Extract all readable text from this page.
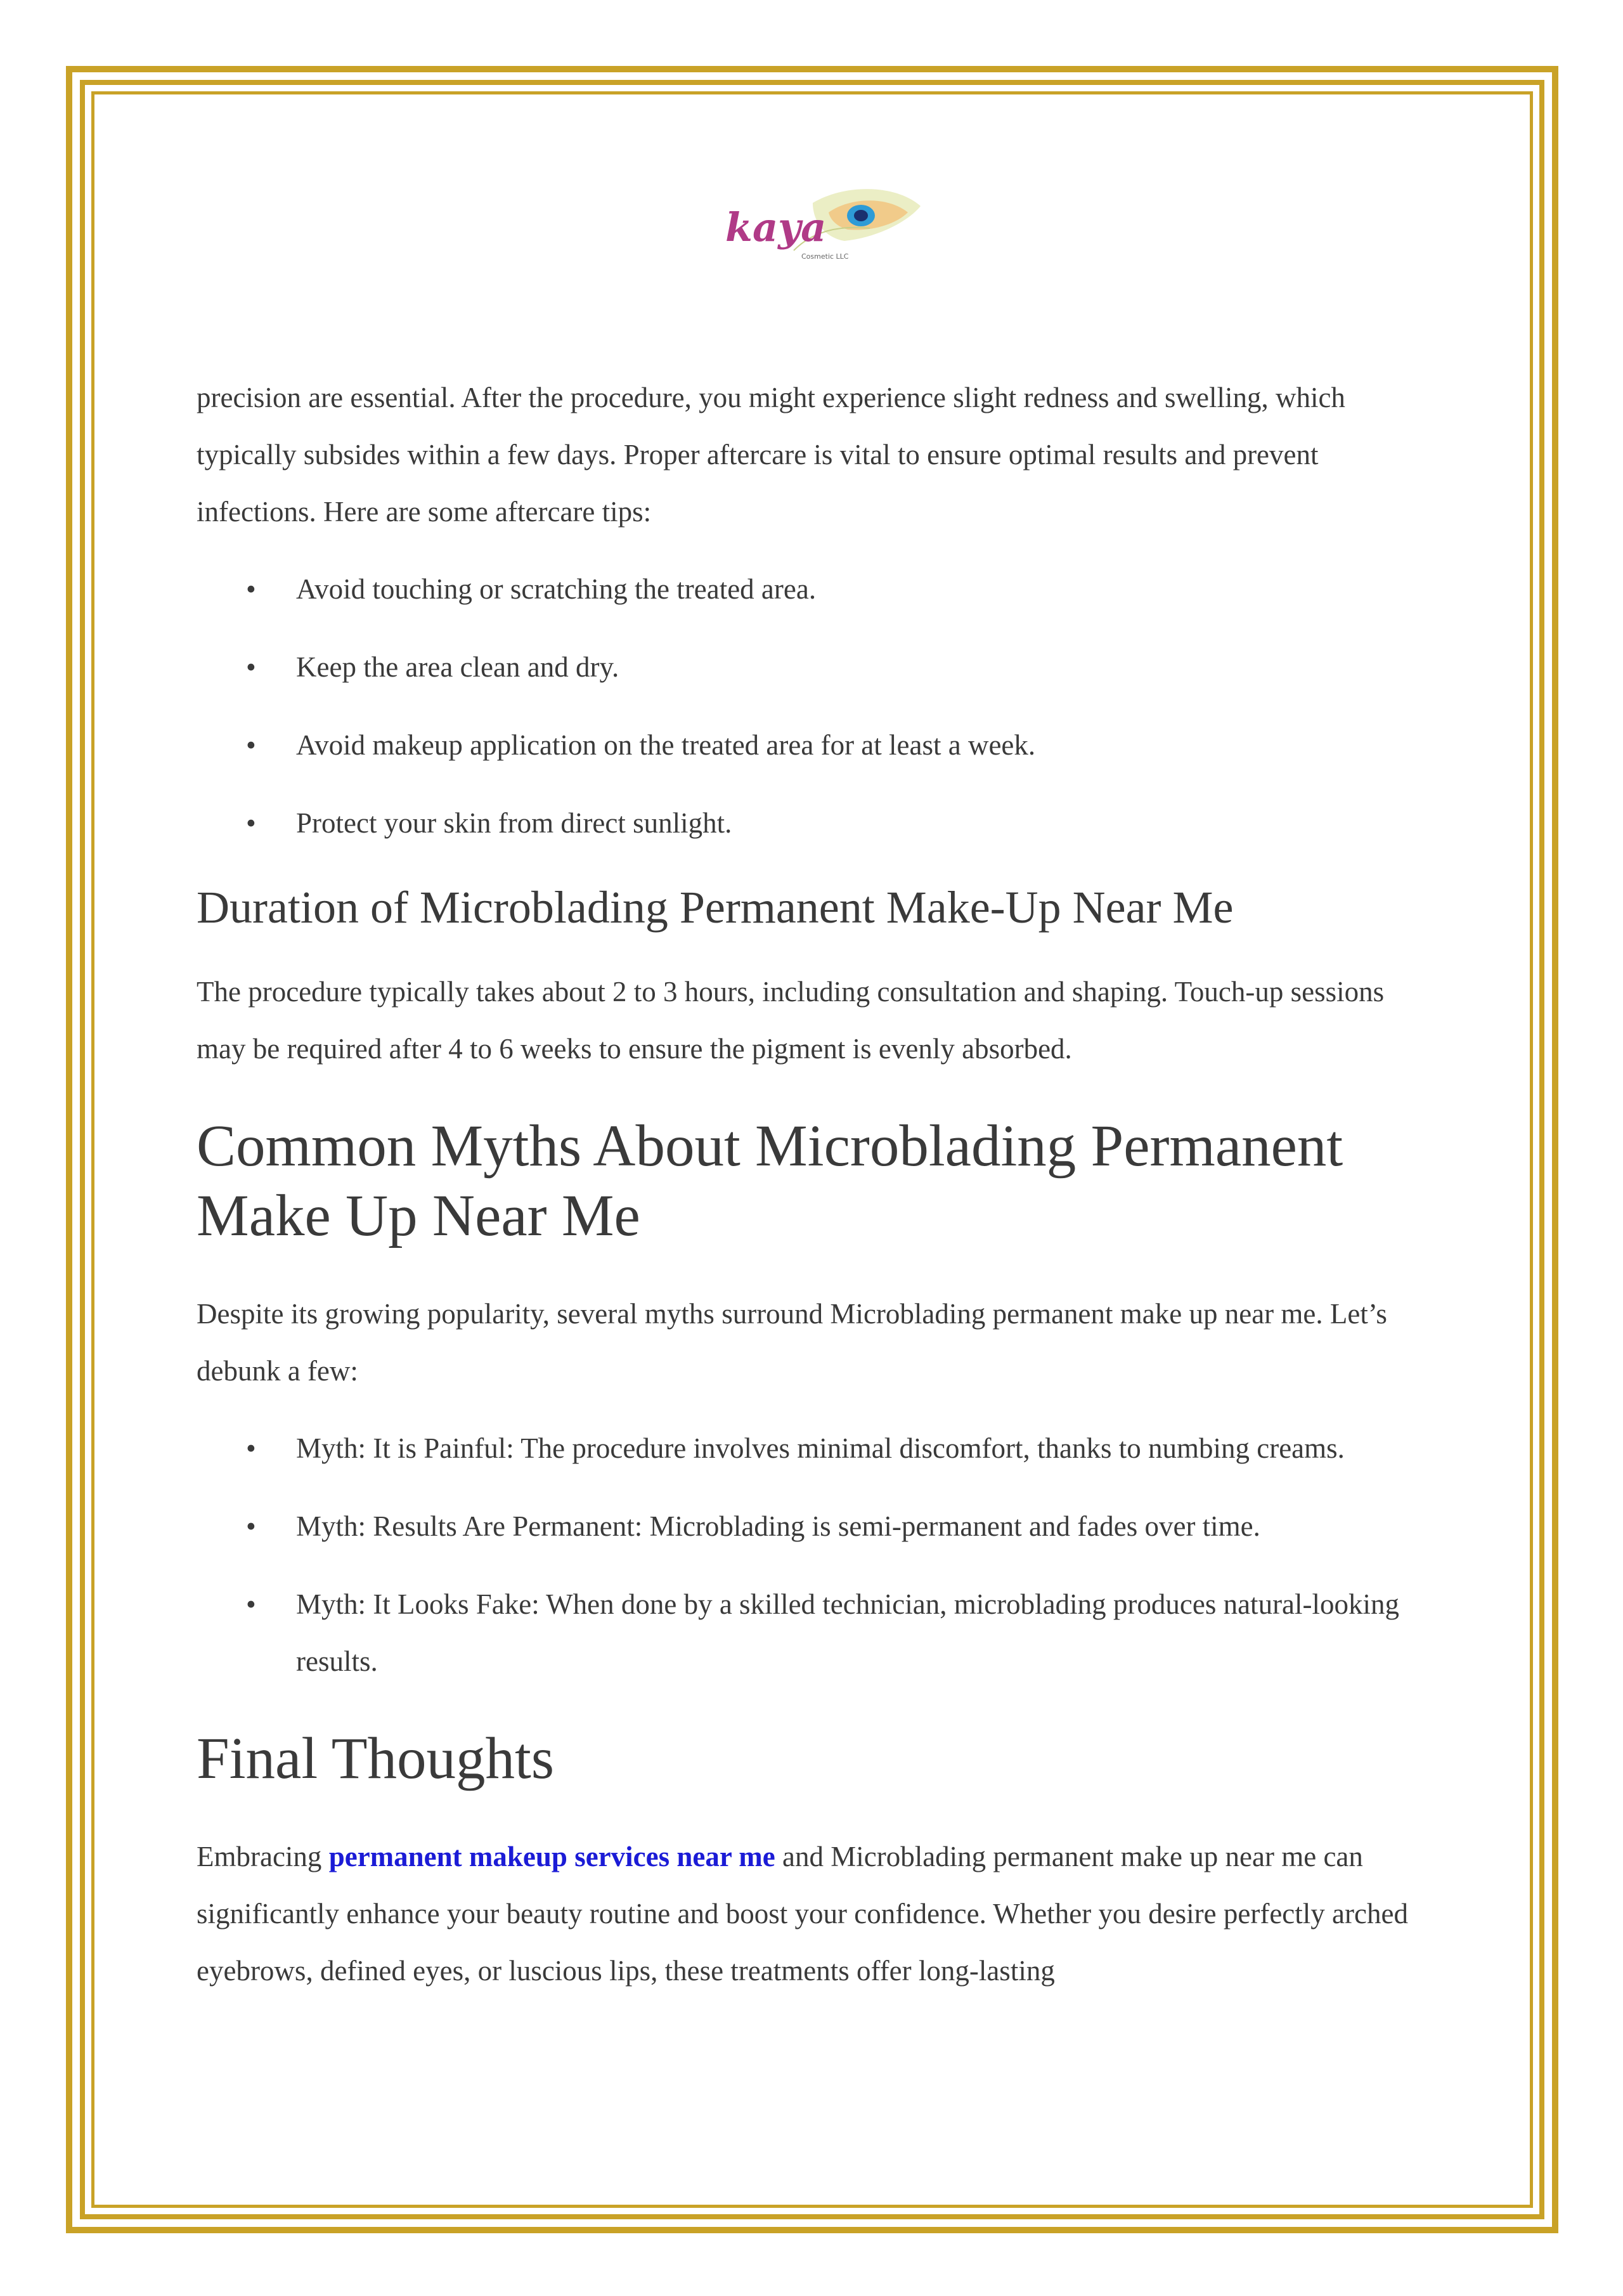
kaya
Cosmetic LLC

precision are essential. After the procedure, you might experience slight redness and swelling, which typically subsides within a few days. Proper aftercare is vital to ensure optimal results and prevent infections. Here are some aftercare tips:

• Avoid touching or scratching the treated area.
• Keep the area clean and dry.
• Avoid makeup application on the treated area for at least a week.
• Protect your skin from direct sunlight.
Duration of Microblading Permanent Make-Up Near Me

The procedure typically takes about 2 to 3 hours, including consultation and shaping. Touch-up sessions may be required after 4 to 6 weeks to ensure the pigment is evenly absorbed.

Common Myths About Microblading Permanent Make Up Near Me

Despite its growing popularity, several myths surround Microblading permanent make up near me. Let’s debunk a few:

• Myth: It is Painful: The procedure involves minimal discomfort, thanks to numbing creams.
• Myth: Results Are Permanent: Microblading is semi-permanent and fades over time.
• Myth: It Looks Fake: When done by a skilled technician, microblading produces natural-looking results.
Final Thoughts

Embracing permanent makeup services near me and Microblading permanent make up near me can significantly enhance your beauty routine and boost your confidence. Whether you desire perfectly arched eyebrows, defined eyes, or luscious lips, these treatments offer long-lasting
